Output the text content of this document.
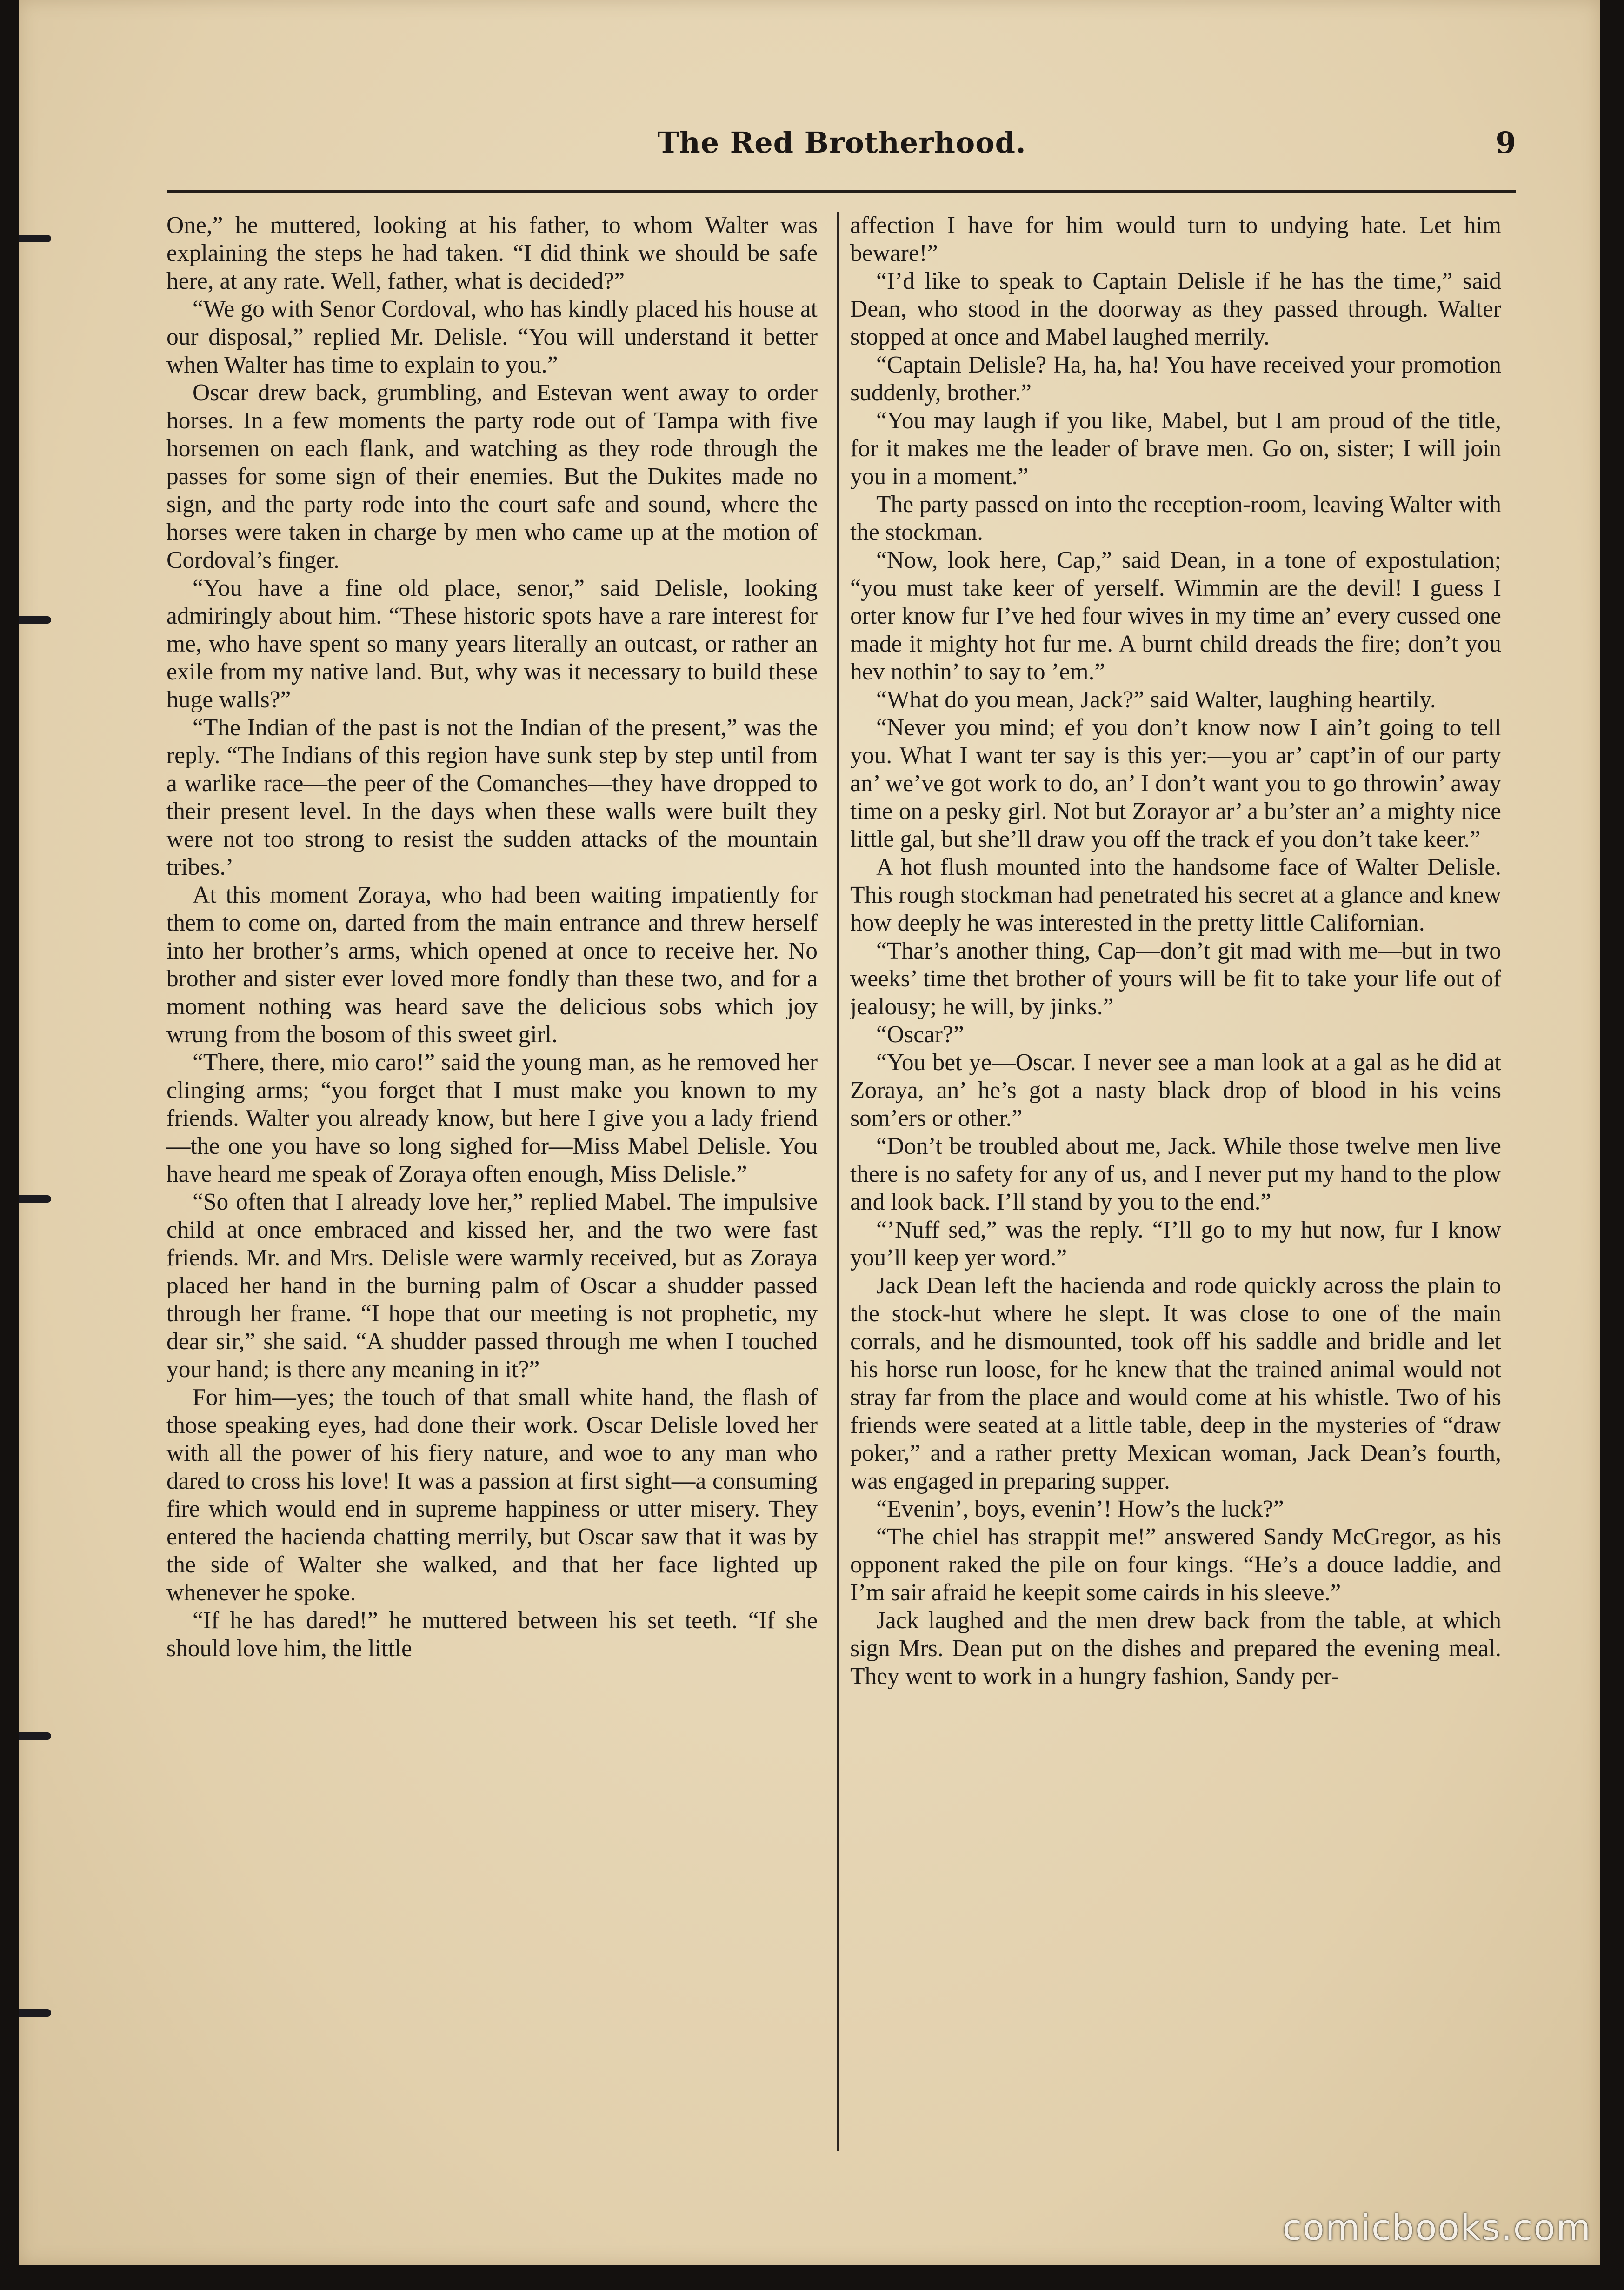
The Red Brotherhood.	9

One,” he muttered, looking at his father, to whom Walter was explaining the steps he had taken. “I did think we should be safe here, at any rate. Well, father, what is decided?”

“We go with Senor Cordoval, who has kindly placed his house at our disposal,” replied Mr. Delisle. “You will understand it better when Walter has time to explain to you.”

Oscar drew back, grumbling, and Estevan went away to order horses. In a few moments the party rode out of Tampa with five horsemen on each flank, and watching as they rode through the passes for some sign of their enemies. But the Dukites made no sign, and the party rode into the court safe and sound, where the horses were taken in charge by men who came up at the motion of Cordoval’s finger.

“You have a fine old place, senor,” said Delisle, looking admiringly about him. “These historic spots have a rare interest for me, who have spent so many years literally an outcast, or rather an exile from my native land. But, why was it necessary to build these huge walls?”

“The Indian of the past is not the Indian of the present,” was the reply. “The Indians of this region have sunk step by step until from a warlike race—the peer of the Comanches—they have dropped to their present level. In the days when these walls were built they were not too strong to resist the sudden attacks of the mountain tribes.’

At this moment Zoraya, who had been waiting impatiently for them to come on, darted from the main entrance and threw herself into her brother’s arms, which opened at once to receive her. No brother and sister ever loved more fondly than these two, and for a moment nothing was heard save the delicious sobs which joy wrung from the bosom of this sweet girl.

“There, there, mio caro!” said the young man, as he removed her clinging arms; “you forget that I must make you known to my friends. Walter you already know, but here I give you a lady friend—the one you have so long sighed for—Miss Mabel Delisle. You have heard me speak of Zoraya often enough, Miss Delisle.”

“So often that I already love her,” replied Mabel. The impulsive child at once embraced and kissed her, and the two were fast friends. Mr. and Mrs. Delisle were warmly received, but as Zoraya placed her hand in the burning palm of Oscar a shudder passed through her frame. “I hope that our meeting is not prophetic, my dear sir,” she said. “A shudder passed through me when I touched your hand; is there any meaning in it?”

For him—yes; the touch of that small white hand, the flash of those speaking eyes, had done their work. Oscar Delisle loved her with all the power of his fiery nature, and woe to any man who dared to cross his love! It was a passion at first sight—a consuming fire which would end in supreme happiness or utter misery. They entered the hacienda chatting merrily, but Oscar saw that it was by the side of Walter she walked, and that her face lighted up whenever he spoke.

“If he has dared!” he muttered between his set teeth. “If she should love him, the little

affection I have for him would turn to undying hate. Let him beware!”

“I’d like to speak to Captain Delisle if he has the time,” said Dean, who stood in the doorway as they passed through. Walter stopped at once and Mabel laughed merrily.

“Captain Delisle? Ha, ha, ha! You have received your promotion suddenly, brother.”

“You may laugh if you like, Mabel, but I am proud of the title, for it makes me the leader of brave men. Go on, sister; I will join you in a moment.”

The party passed on into the reception-room, leaving Walter with the stockman.

“Now, look here, Cap,” said Dean, in a tone of expostulation; “you must take keer of yerself. Wimmin are the devil! I guess I orter know fur I’ve hed four wives in my time an’ every cussed one made it mighty hot fur me. A burnt child dreads the fire; don’t you hev nothin’ to say to ’em.”

“What do you mean, Jack?” said Walter, laughing heartily.

“Never you mind; ef you don’t know now I ain’t going to tell you. What I want ter say is this yer:—you ar’ capt’in of our party an’ we’ve got work to do, an’ I don’t want you to go throwin’ away time on a pesky girl. Not but Zorayor ar’ a bu’ster an’ a mighty nice little gal, but she’ll draw you off the track ef you don’t take keer.”

A hot flush mounted into the handsome face of Walter Delisle. This rough stockman had penetrated his secret at a glance and knew how deeply he was interested in the pretty little Californian.

“Thar’s another thing, Cap—don’t git mad with me—but in two weeks’ time thet brother of yours will be fit to take your life out of jealousy; he will, by jinks.”

“Oscar?”

“You bet ye—Oscar. I never see a man look at a gal as he did at Zoraya, an’ he’s got a nasty black drop of blood in his veins som’ers or other.”

“Don’t be troubled about me, Jack. While those twelve men live there is no safety for any of us, and I never put my hand to the plow and look back. I’ll stand by you to the end.”

“’Nuff sed,” was the reply. “I’ll go to my hut now, fur I know you’ll keep yer word.”

Jack Dean left the hacienda and rode quickly across the plain to the stock-hut where he slept. It was close to one of the main corrals, and he dismounted, took off his saddle and bridle and let his horse run loose, for he knew that the trained animal would not stray far from the place and would come at his whistle. Two of his friends were seated at a little table, deep in the mysteries of “draw poker,” and a rather pretty Mexican woman, Jack Dean’s fourth, was engaged in preparing supper.

“Evenin’, boys, evenin’! How’s the luck?”

“The chiel has strappit me!” answered Sandy McGregor, as his opponent raked the pile on four kings. “He’s a douce laddie, and I’m sair afraid he keepit some cairds in his sleeve.”

Jack laughed and the men drew back from the table, at which sign Mrs. Dean put on the dishes and prepared the evening meal. They went to work in a hungry fashion, Sandy per-

comicbooks.com
